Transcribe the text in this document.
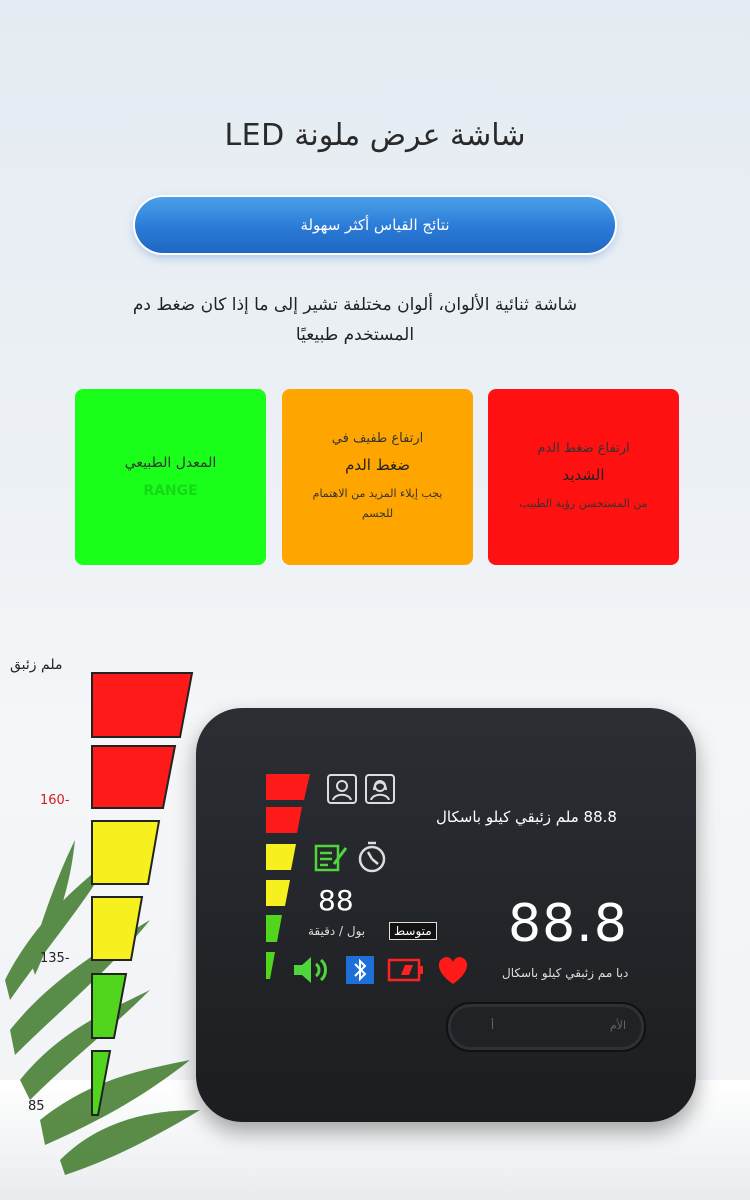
شاشة عرض ملونة LED
نتائج القياس أكثر سهولة
شاشة ثنائية الألوان، ألوان مختلفة تشير إلى ما إذا كان ضغط دم المستخدم طبيعيًا
المعدل الطبيعي
RANGE
ارتفاع طفيف في
ضغط الدم
يجب إيلاء المزيد من الاهتمام للجسم
ارتفاع ضغط الدم
الشديد
من المستحسن رؤية الطبيب
ملم زئبق
160-
135-
85
88
بول / دقيقة	متوسط
88.8 ملم زئبقي كيلو باسكال
88.8
دبا مم زئبقي كيلو باسكال
أ	الأم
